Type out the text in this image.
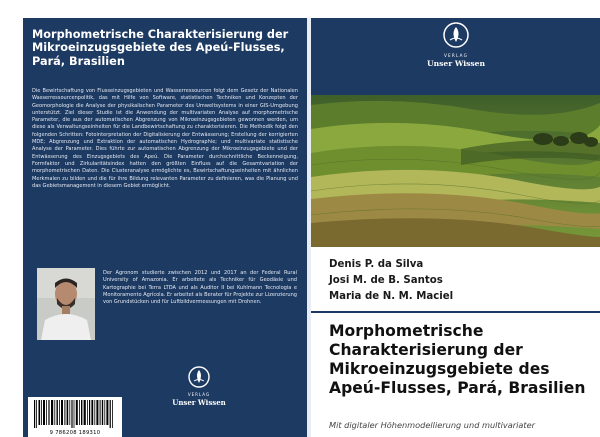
Morphometrische Charakterisierung der Mikroeinzugsgebiete des Apeú-Flusses, Pará, Brasilien
Die Bewirtschaftung von Flusseinzugsgebieten und Wasserressourcen folgt dem Gesetz der Nationalen Wasserressourcenpolitik, das mit Hilfe von Software, statistischen Techniken und Konzepten der Geomorphologie die Analyse der physikalischen Parameter des Umweltsystems in einer GIS-Umgebung unterstützt. Ziel dieser Studie ist die Anwendung der multivariaten Analyse auf morphometrische Parameter, die aus der automatischen Abgrenzung von Mikroeinzugsgebieten gewonnen werden, um diese als Verwaltungseinheiten für die Landbewirtschaftung zu charakterisieren. Die Methodik folgt den folgenden Schritten: Fotointerpretation der Digitalisierung der Entwässerung; Erstellung der korrigierten MDE; Abgrenzung und Extraktion der automatischen Hydrographie; und multivariate statistische Analyse der Parameter. Dies führte zur automatischen Abgrenzung der Mikroeinzugsgebiete und der Entwässerung des Einzugsgebiets des Apeú. Die Parameter durchschnittliche Beckenneigung, Formfaktor und Zirkularitätsindex hatten den größten Einfluss auf die Gesamtvariation der morphometrischen Daten. Die Clusteranalyse ermöglichte es, Bewirtschaftungseinheiten mit ähnlichen Merkmalen zu bilden und die für ihre Bildung relevanten Parameter zu definieren, was die Planung und das Gebietsmanagement in diesem Gebiet ermöglicht.
Der Agronom studierte zwischen 2012 und 2017 an der Federal Rural University of Amazonia. Er arbeitete als Techniker für Geodäsie und Kartographie bei Terra LTDA und als Auditor II bei Kuhlmann Tecnologia e Monitoramento Agrícola. Er arbeitet als Berater für Projekte zur Lizenzierung von Grundstücken und für Luftbildvermessungen mit Drohnen.
VERLAG
Unser Wissen
9 786208 189310
VERLAG
Unser Wissen
Denis P. da Silva
Josi M. de B. Santos
Maria de N. M. Maciel
Morphometrische Charakterisierung der Mikroeinzugsgebiete des Apeú-Flusses, Pará, Brasilien
Mit digitaler Höhenmodellierung und multivariater
